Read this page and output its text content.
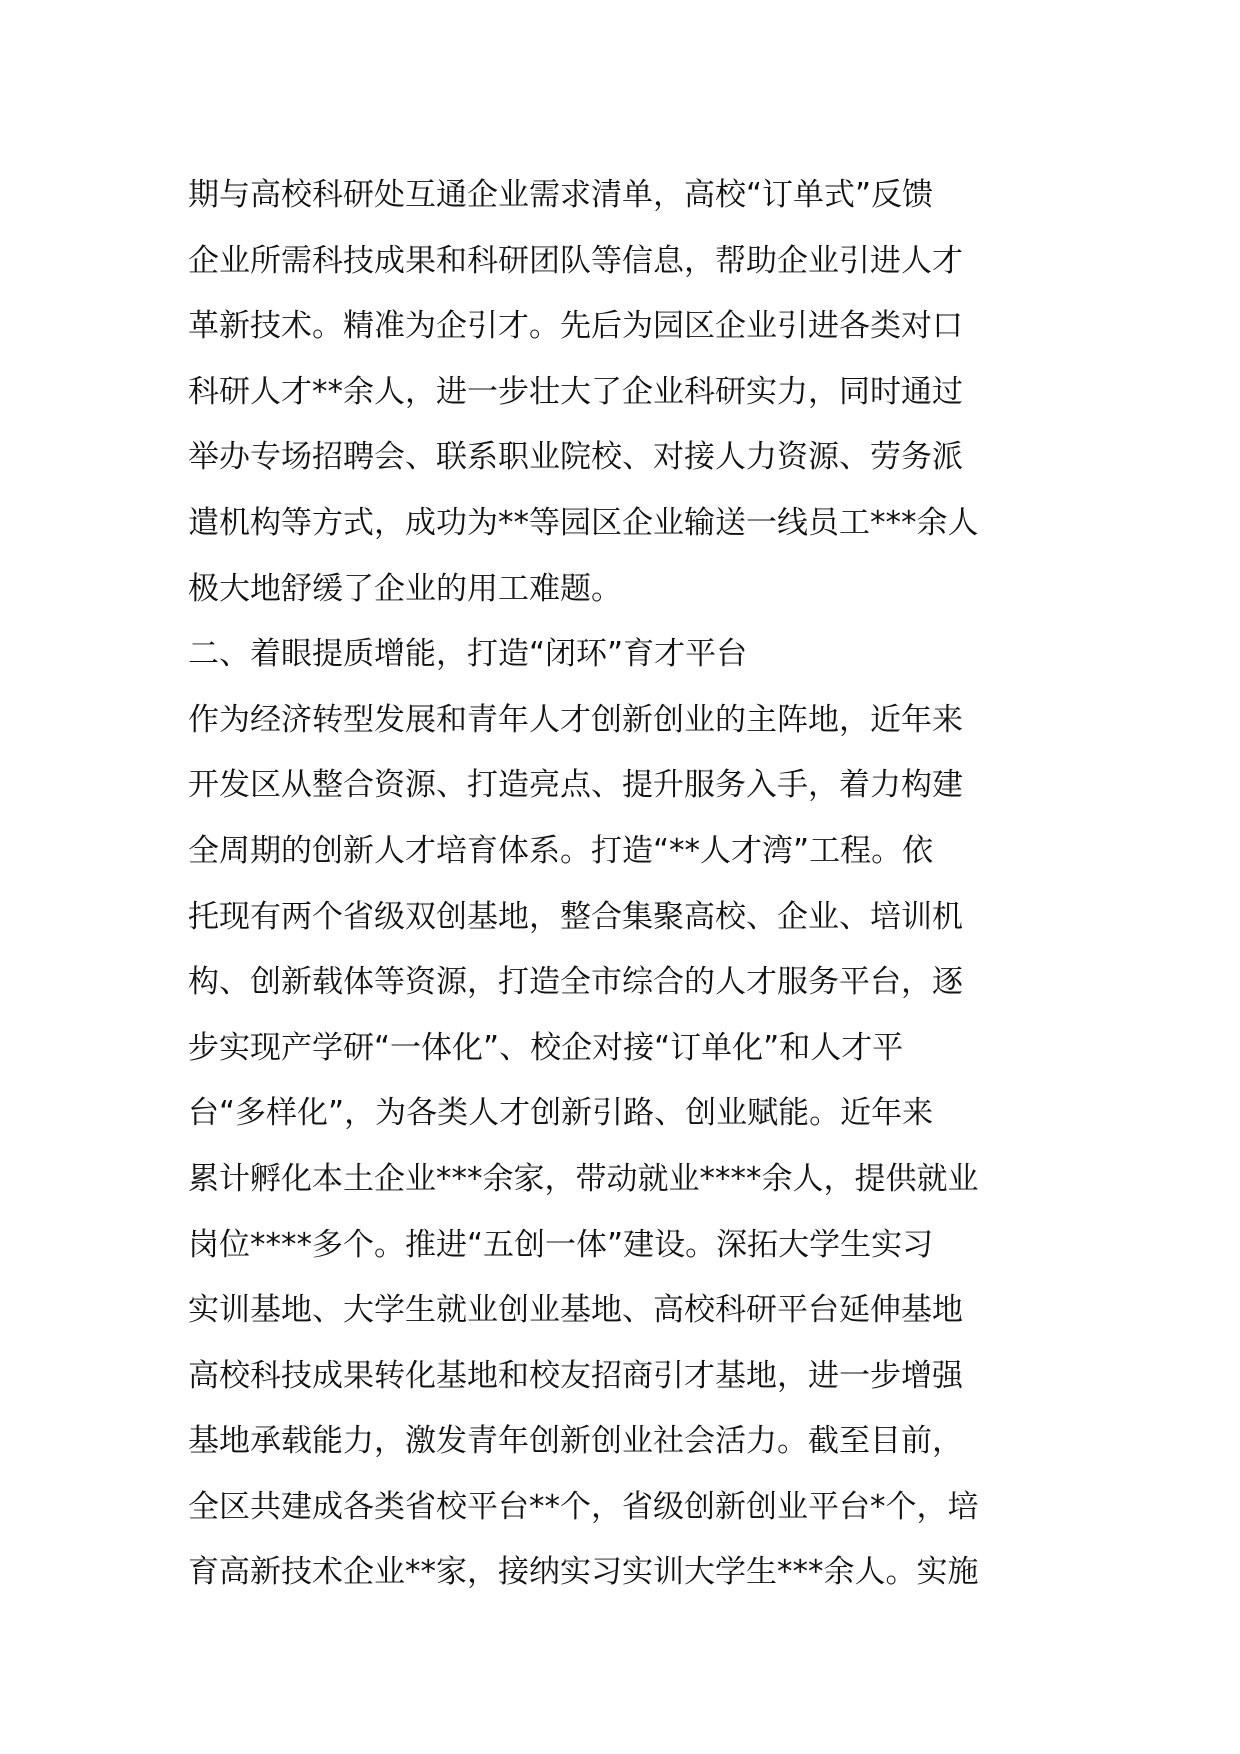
期与高校科研处互通企业需求清单，高校“订单式”反馈
企业所需科技成果和科研团队等信息，帮助企业引进人才
革新技术。精准为企引才。先后为园区企业引进各类对口
科研人才**余人，进一步壮大了企业科研实力，同时通过
举办专场招聘会、联系职业院校、对接人力资源、劳务派
遣机构等方式，成功为**等园区企业输送一线员工***余人
极大地舒缓了企业的用工难题。
二、着眼提质增能，打造“闭环”育才平台
作为经济转型发展和青年人才创新创业的主阵地，近年来
开发区从整合资源、打造亮点、提升服务入手，着力构建
全周期的创新人才培育体系。打造“**人才湾”工程。依
托现有两个省级双创基地，整合集聚高校、企业、培训机
构、创新载体等资源，打造全市综合的人才服务平台，逐
步实现产学研“一体化”、校企对接“订单化”和人才平
台“多样化”，为各类人才创新引路、创业赋能。近年来
累计孵化本土企业***余家，带动就业****余人，提供就业
岗位****多个。推进“五创一体”建设。深拓大学生实习
实训基地、大学生就业创业基地、高校科研平台延伸基地
高校科技成果转化基地和校友招商引才基地，进一步增强
基地承载能力，激发青年创新创业社会活力。截至目前，
全区共建成各类省校平台**个，省级创新创业平台*个，培
育高新技术企业**家，接纳实习实训大学生***余人。实施
